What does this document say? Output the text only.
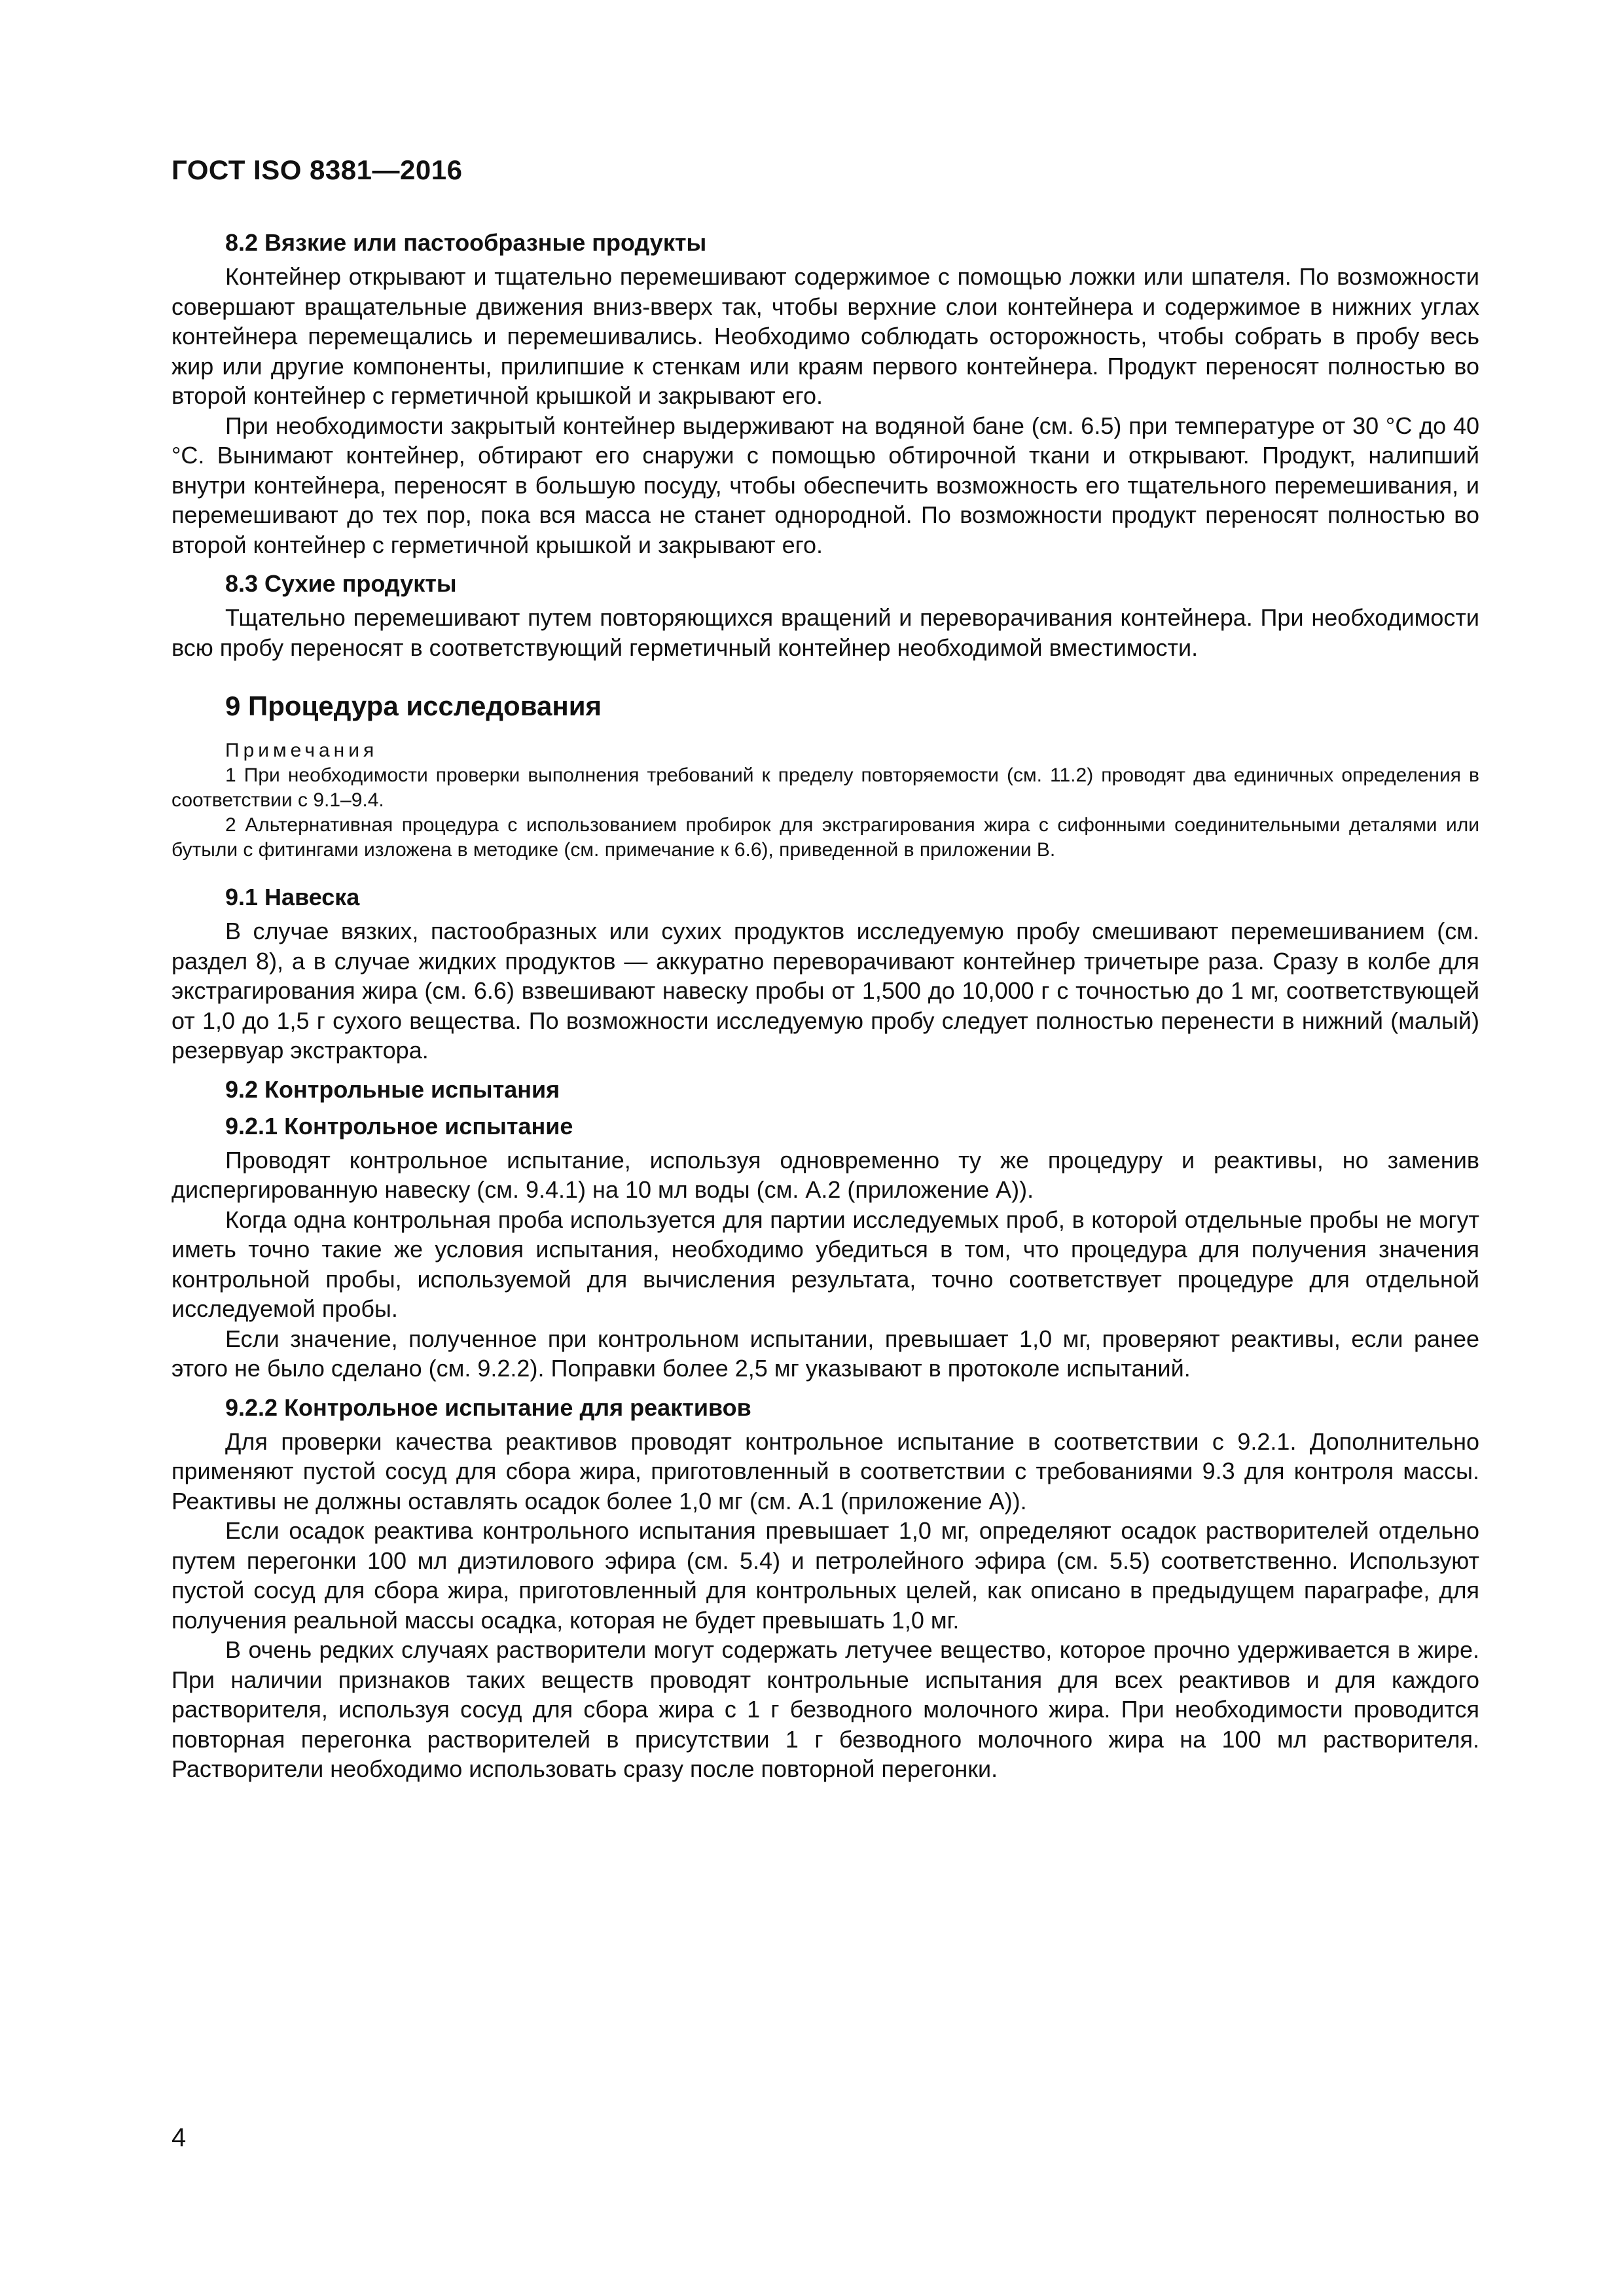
ГОСТ ISO 8381—2016
8.2 Вязкие или пастообразные продукты

Контейнер открывают и тщательно перемешивают содержимое с помощью ложки или шпателя. По возможности совершают вращательные движения вниз-вверх так, чтобы верхние слои контейнера и содержимое в нижних углах контейнера перемещались и перемешивались. Необходимо соблюдать осторожность, чтобы собрать в пробу весь жир или другие компоненты, прилипшие к стенкам или краям первого контейнера. Продукт переносят полностью во второй контейнер с герметичной крышкой и закрывают его.

При необходимости закрытый контейнер выдерживают на водяной бане (см. 6.5) при температуре от 30 °С до 40 °С. Вынимают контейнер, обтирают его снаружи с помощью обтирочной ткани и открывают. Продукт, налипший внутри контейнера, переносят в большую посуду, чтобы обеспечить возможность его тщательного перемешивания, и перемешивают до тех пор, пока вся масса не станет однородной. По возможности продукт переносят полностью во второй контейнер с герметичной крышкой и закрывают его.

8.3 Сухие продукты

Тщательно перемешивают путем повторяющихся вращений и переворачивания контейнера. При необходимости всю пробу переносят в соответствующий герметичный контейнер необходимой вместимости.

9 Процедура исследования
Примечания

1 При необходимости проверки выполнения требований к пределу повторяемости (см. 11.2) проводят два единичных определения в соответствии с 9.1–9.4.

2 Альтернативная процедура с использованием пробирок для экстрагирования жира с сифонными соединительными деталями или бутыли с фитингами изложена в методике (см. примечание к 6.6), приведенной в приложении В.

9.1 Навеска

В случае вязких, пастообразных или сухих продуктов исследуемую пробу смешивают перемешиванием (см. раздел 8), а в случае жидких продуктов — аккуратно переворачивают контейнер тричетыре раза. Сразу в колбе для экстрагирования жира (см. 6.6) взвешивают навеску пробы от 1,500 до 10,000 г с точностью до 1 мг, соответствующей от 1,0 до 1,5 г сухого вещества. По возможности исследуемую пробу следует полностью перенести в нижний (малый) резервуар экстрактора.

9.2 Контрольные испытания
9.2.1 Контрольное испытание

Проводят контрольное испытание, используя одновременно ту же процедуру и реактивы, но заменив диспергированную навеску (см. 9.4.1) на 10 мл воды (см. А.2 (приложение А)).

Когда одна контрольная проба используется для партии исследуемых проб, в которой отдельные пробы не могут иметь точно такие же условия испытания, необходимо убедиться в том, что процедура для получения значения контрольной пробы, используемой для вычисления результата, точно соответствует процедуре для отдельной исследуемой пробы.

Если значение, полученное при контрольном испытании, превышает 1,0 мг, проверяют реактивы, если ранее этого не было сделано (см. 9.2.2). Поправки более 2,5 мг указывают в протоколе испытаний.

9.2.2 Контрольное испытание для реактивов

Для проверки качества реактивов проводят контрольное испытание в соответствии с 9.2.1. Дополнительно применяют пустой сосуд для сбора жира, приготовленный в соответствии с требованиями 9.3 для контроля массы. Реактивы не должны оставлять осадок более 1,0 мг (см. А.1 (приложение А)).

Если осадок реактива контрольного испытания превышает 1,0 мг, определяют осадок растворителей отдельно путем перегонки 100 мл диэтилового эфира (см. 5.4) и петролейного эфира (см. 5.5) соответственно. Используют пустой сосуд для сбора жира, приготовленный для контрольных целей, как описано в предыдущем параграфе, для получения реальной массы осадка, которая не будет превышать 1,0 мг.

В очень редких случаях растворители могут содержать летучее вещество, которое прочно удерживается в жире. При наличии признаков таких веществ проводят контрольные испытания для всех реактивов и для каждого растворителя, используя сосуд для сбора жира с 1 г безводного молочного жира. При необходимости проводится повторная перегонка растворителей в присутствии 1 г безводного молочного жира на 100 мл растворителя. Растворители необходимо использовать сразу после повторной перегонки.

4
